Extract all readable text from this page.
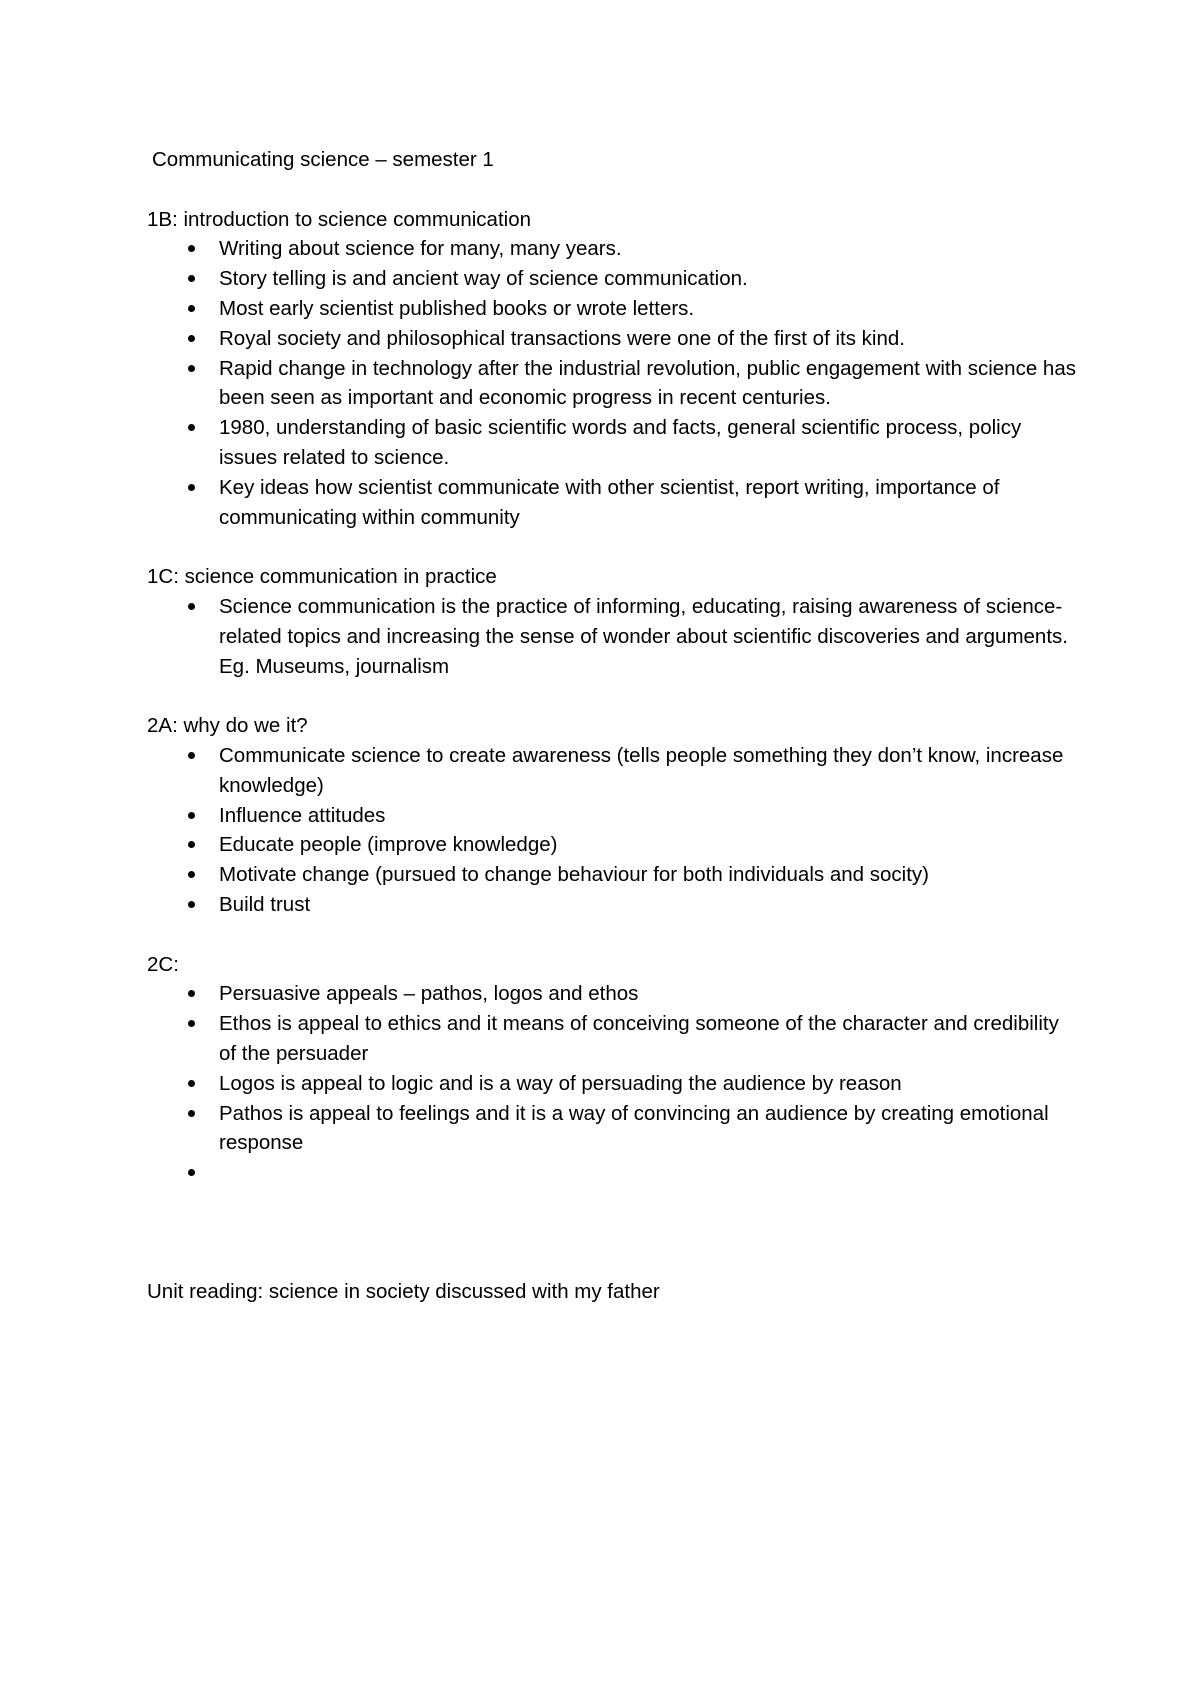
Communicating science – semester 1

1B: introduction to science communication

Writing about science for many, many years.
Story telling is and ancient way of science communication.
Most early scientist published books or wrote letters.
Royal society and philosophical transactions were one of the first of its kind.
Rapid change in technology after the industrial revolution, public engagement with science has been seen as important and economic progress in recent centuries.
1980, understanding of basic scientific words and facts, general scientific process, policy issues related to science.
Key ideas how scientist communicate with other scientist, report writing, importance of communicating within community

1C: science communication in practice

Science communication is the practice of informing, educating, raising awareness of science-related topics and increasing the sense of wonder about scientific discoveries and arguments. Eg. Museums, journalism

2A: why do we it?

Communicate science to create awareness (tells people something they don’t know, increase knowledge)
Influence attitudes
Educate people (improve knowledge)
Motivate change (pursued to change behaviour for both individuals and socity)
Build trust

2C:

Persuasive appeals – pathos, logos and ethos
Ethos is appeal to ethics and it means of conceiving someone of the character and credibility of the persuader
Logos is appeal to logic and is a way of persuading the audience by reason
Pathos is appeal to feelings and it is a way of convincing an audience by creating emotional response

Unit reading: science in society discussed with my father
